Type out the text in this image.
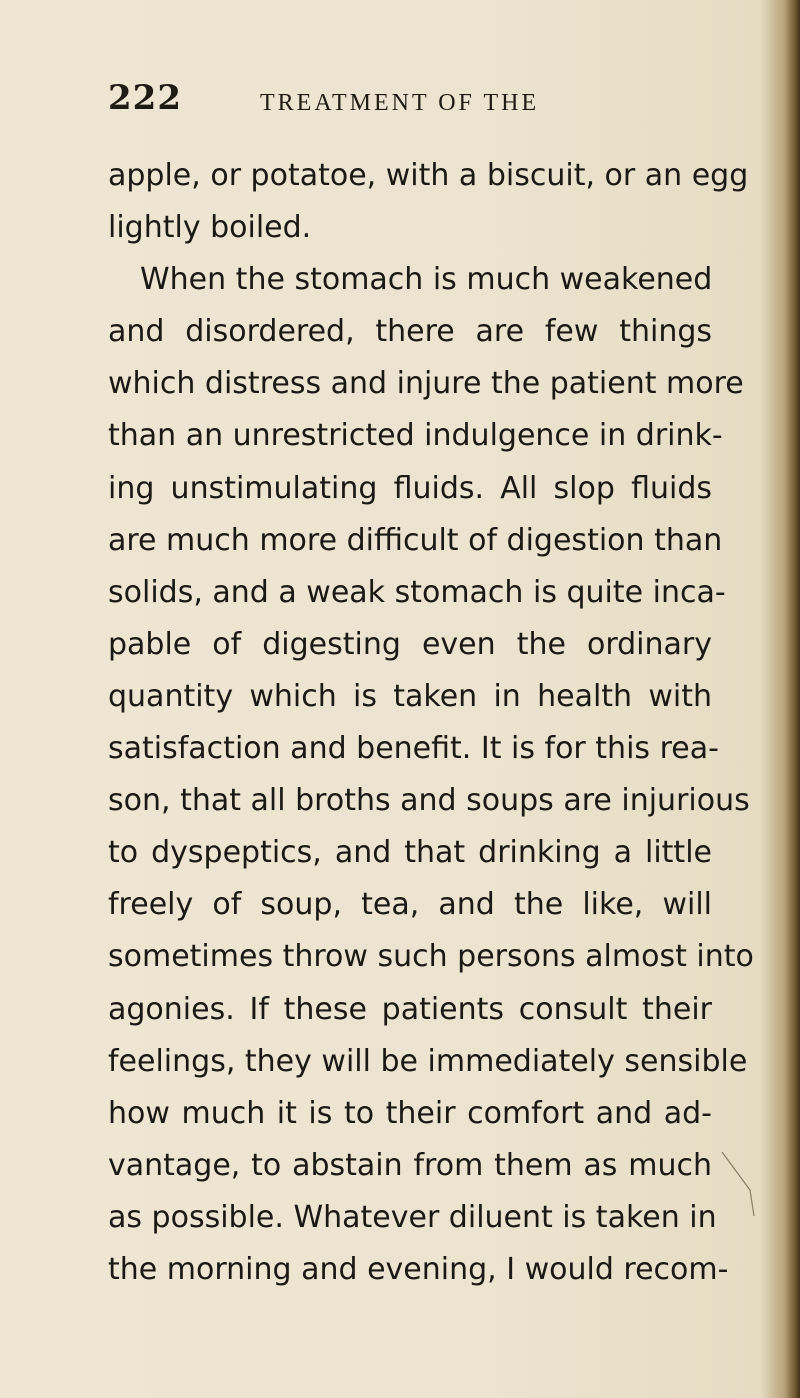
222	TREATMENT OF THE
apple, or potatoe, with a biscuit, or an egg
lightly boiled.
When the stomach is much weakened
and disordered, there are few things
which distress and injure the patient more
than an unrestricted indulgence in drink-
ing unstimulating fluids. All slop fluids
are much more difficult of digestion than
solids, and a weak stomach is quite inca-
pable of digesting even the ordinary
quantity which is taken in health with
satisfaction and benefit. It is for this rea-
son, that all broths and soups are injurious
to dyspeptics, and that drinking a little
freely of soup, tea, and the like, will
sometimes throw such persons almost into
agonies. If these patients consult their
feelings, they will be immediately sensible
how much it is to their comfort and ad-
vantage, to abstain from them as much
as possible. Whatever diluent is taken in
the morning and evening, I would recom-
